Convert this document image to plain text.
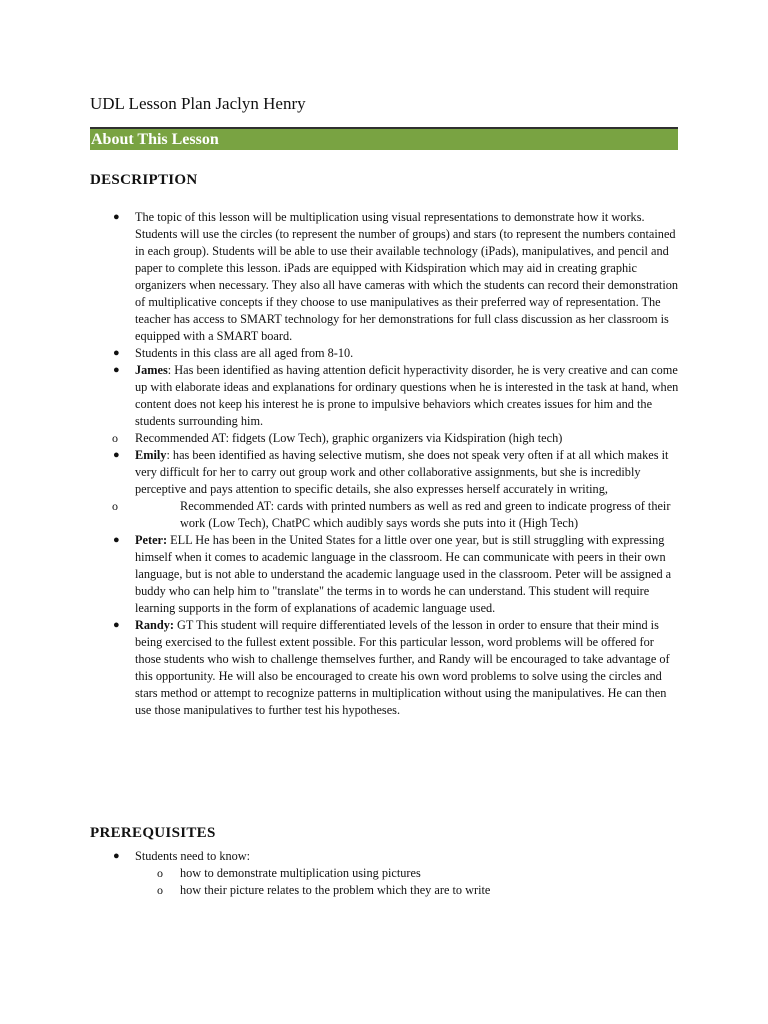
UDL Lesson Plan Jaclyn Henry
About This Lesson
DESCRIPTION
● The topic of this lesson will be multiplication using visual representations to demonstrate how it works. Students will use the circles (to represent the number of groups) and stars (to represent the numbers contained in each group). Students will be able to use their available technology (iPads), manipulatives, and pencil and paper to complete this lesson. iPads are equipped with Kidspiration which may aid in creating graphic organizers when necessary. They also all have cameras with which the students can record their demonstration of multiplicative concepts if they choose to use manipulatives as their preferred way of representation. The teacher has access to SMART technology for her demonstrations for full class discussion as her classroom is equipped with a SMART board.
● Students in this class are all aged from 8-10.
● James: Has been identified as having attention deficit hyperactivity disorder, he is very creative and can come up with elaborate ideas and explanations for ordinary questions when he is interested in the task at hand, when content does not keep his interest he is prone to impulsive behaviors which creates issues for him and the students surrounding him.
o Recommended AT: fidgets (Low Tech), graphic organizers via Kidspiration (high tech)
● Emily: has been identified as having selective mutism, she does not speak very often if at all which makes it very difficult for her to carry out group work and other collaborative assignments, but she is incredibly perceptive and pays attention to specific details, she also expresses herself accurately in writing,
o	Recommended AT: cards with printed numbers as well as red and green to indicate progress of their work (Low Tech), ChatPC which audibly says words she puts into it (High Tech)
● Peter: ELL He has been in the United States for a little over one year, but is still struggling with expressing himself when it comes to academic language in the classroom. He can communicate with peers in their own language, but is not able to understand the academic language used in the classroom. Peter will be assigned a buddy who can help him to "translate" the terms in to words he can understand. This student will require learning supports in the form of explanations of academic language used.
● Randy: GT This student will require differentiated levels of the lesson in order to ensure that their mind is being exercised to the fullest extent possible. For this particular lesson, word problems will be offered for those students who wish to challenge themselves further, and Randy will be encouraged to take advantage of this opportunity. He will also be encouraged to create his own word problems to solve using the circles and stars method or attempt to recognize patterns in multiplication without using the manipulatives. He can then use those manipulatives to further test his hypotheses.
PREREQUISITES
● Students need to know:
o how to demonstrate multiplication using pictures
o how their picture relates to the problem which they are to write
